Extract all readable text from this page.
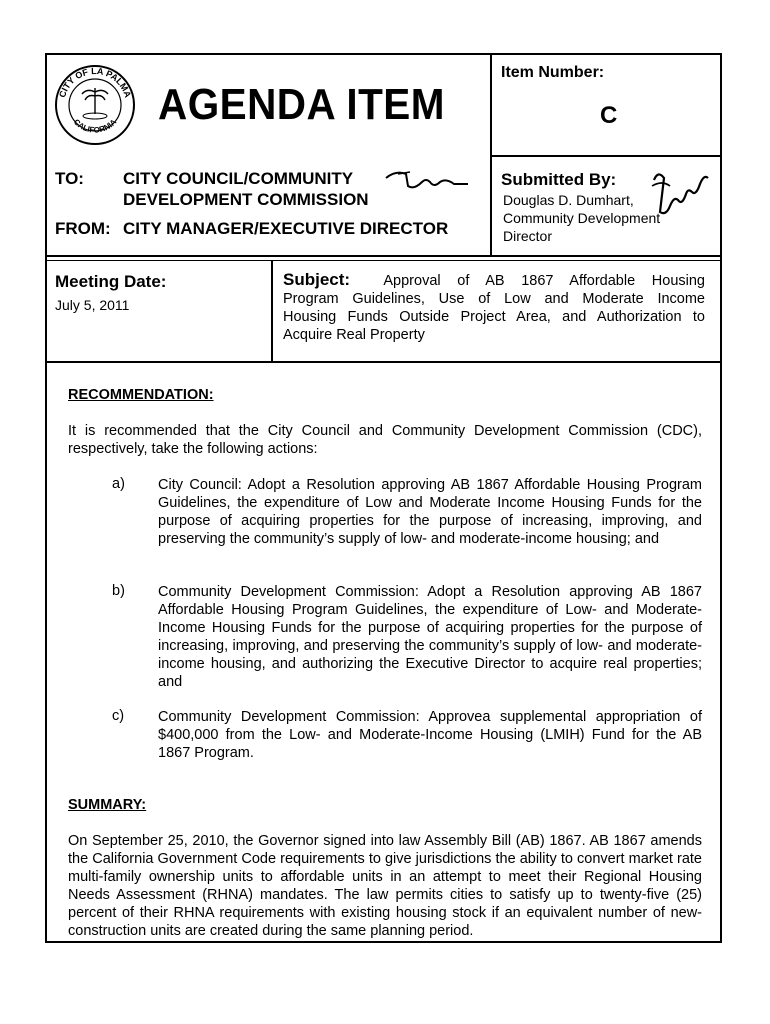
CITY OF LA PALMA
CALIFORNIA AGENDA ITEM
Item Number:
C
TO: CITY COUNCIL/COMMUNITY
DEVELOPMENT COMMISSION
FROM: CITY MANAGER/EXECUTIVE DIRECTOR
Submitted By:
Douglas D. Dumhart,
Community Development
Director
Meeting Date:
July 5, 2011
Subject: Approval of AB 1867 Affordable Housing
Program Guidelines, Use of Low and Moderate Income
Housing Funds Outside Project Area, and Authorization to
Acquire Real Property
RECOMMENDATION:
It is recommended that the City Council and Community Development Commission (CDC), respectively, take the following actions:
a) City Council: Adopt a Resolution approving AB 1867 Affordable Housing Program Guidelines, the expenditure of Low and Moderate Income Housing Funds for the purpose of acquiring properties for the purpose of increasing, improving, and preserving the community’s supply of low- and moderate-income housing; and
b) Community Development Commission: Adopt a Resolution approving AB 1867 Affordable Housing Program Guidelines, the expenditure of Low- and Moderate-Income Housing Funds for the purpose of acquiring properties for the purpose of increasing, improving, and preserving the community’s supply of low- and moderate-income housing, and authorizing the Executive Director to acquire real properties; and
c) Community Development Commission: Approvea supplemental appropriation of $400,000 from the Low- and Moderate-Income Housing (LMIH) Fund for the AB 1867 Program.
SUMMARY:
On September 25, 2010, the Governor signed into law Assembly Bill (AB) 1867. AB 1867 amends the California Government Code requirements to give jurisdictions the ability to convert market rate multi-family ownership units to affordable units in an attempt to meet their Regional Housing Needs Assessment (RHNA) mandates. The law permits cities to satisfy up to twenty-five (25) percent of their RHNA requirements with existing housing stock if an equivalent number of new-construction units are created during the same planning period.
